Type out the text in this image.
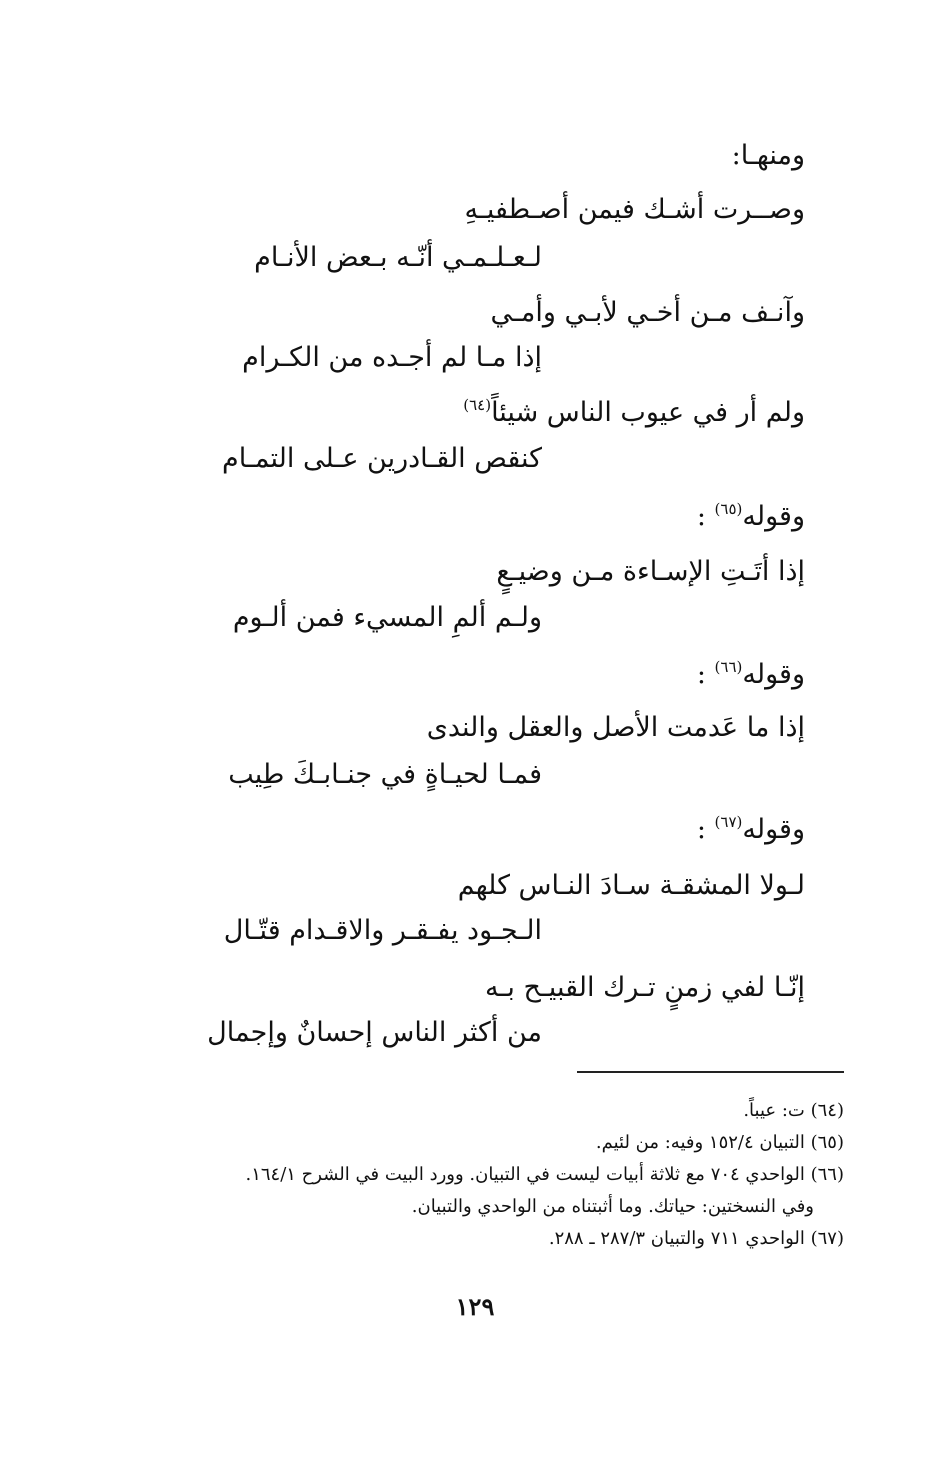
ومنهـا:
وصــرت أشـك فيمن أصـطفيـهِ
لـعـلـمـي أنّـه بـعض الأنـام
وآنـف مـن أخـي لأبـي وأمـي
إذا مـا لم أجـده من الكـرام
ولم أر في عيوب الناس شيئاً$^{(٦٤)}$
كنقص القـادرين عـلى التمـام
وقوله$^{(٦٥)}$ :
إذا أتَـتِ الإسـاءة مـن وضيـعٍ
ولـم ألمِ المسيء فمن ألـوم
وقوله$^{(٦٦)}$ :
إذا ما عَدمت الأصل والعقل والندى
فمـا لحيـاةٍ في جنـابـكَ طِيب
وقوله$^{(٦٧)}$ :
لـولا المشقـة سـادَ النـاس كلهم
الـجـود يفـقـر والاقـدام قتّـال
إنّـا لفي زمنٍ تـرك القبيـح بـه
من أكثر الناس إحسانٌ وإجمال
(٦٤) ت: عيباً.
(٦٥) التبيان ١٥٢/٤ وفيه: من لئيم.
(٦٦) الواحدي ٧٠٤ مع ثلاثة أبيات ليست في التبيان. وورد البيت في الشرح ١٦٤/١.
وفي النسختين: حياتك. وما أثبتناه من الواحدي والتبيان.
(٦٧) الواحدي ٧١١ والتبيان ٢٨٧/٣ ـ ٢٨٨.
١٢٩
